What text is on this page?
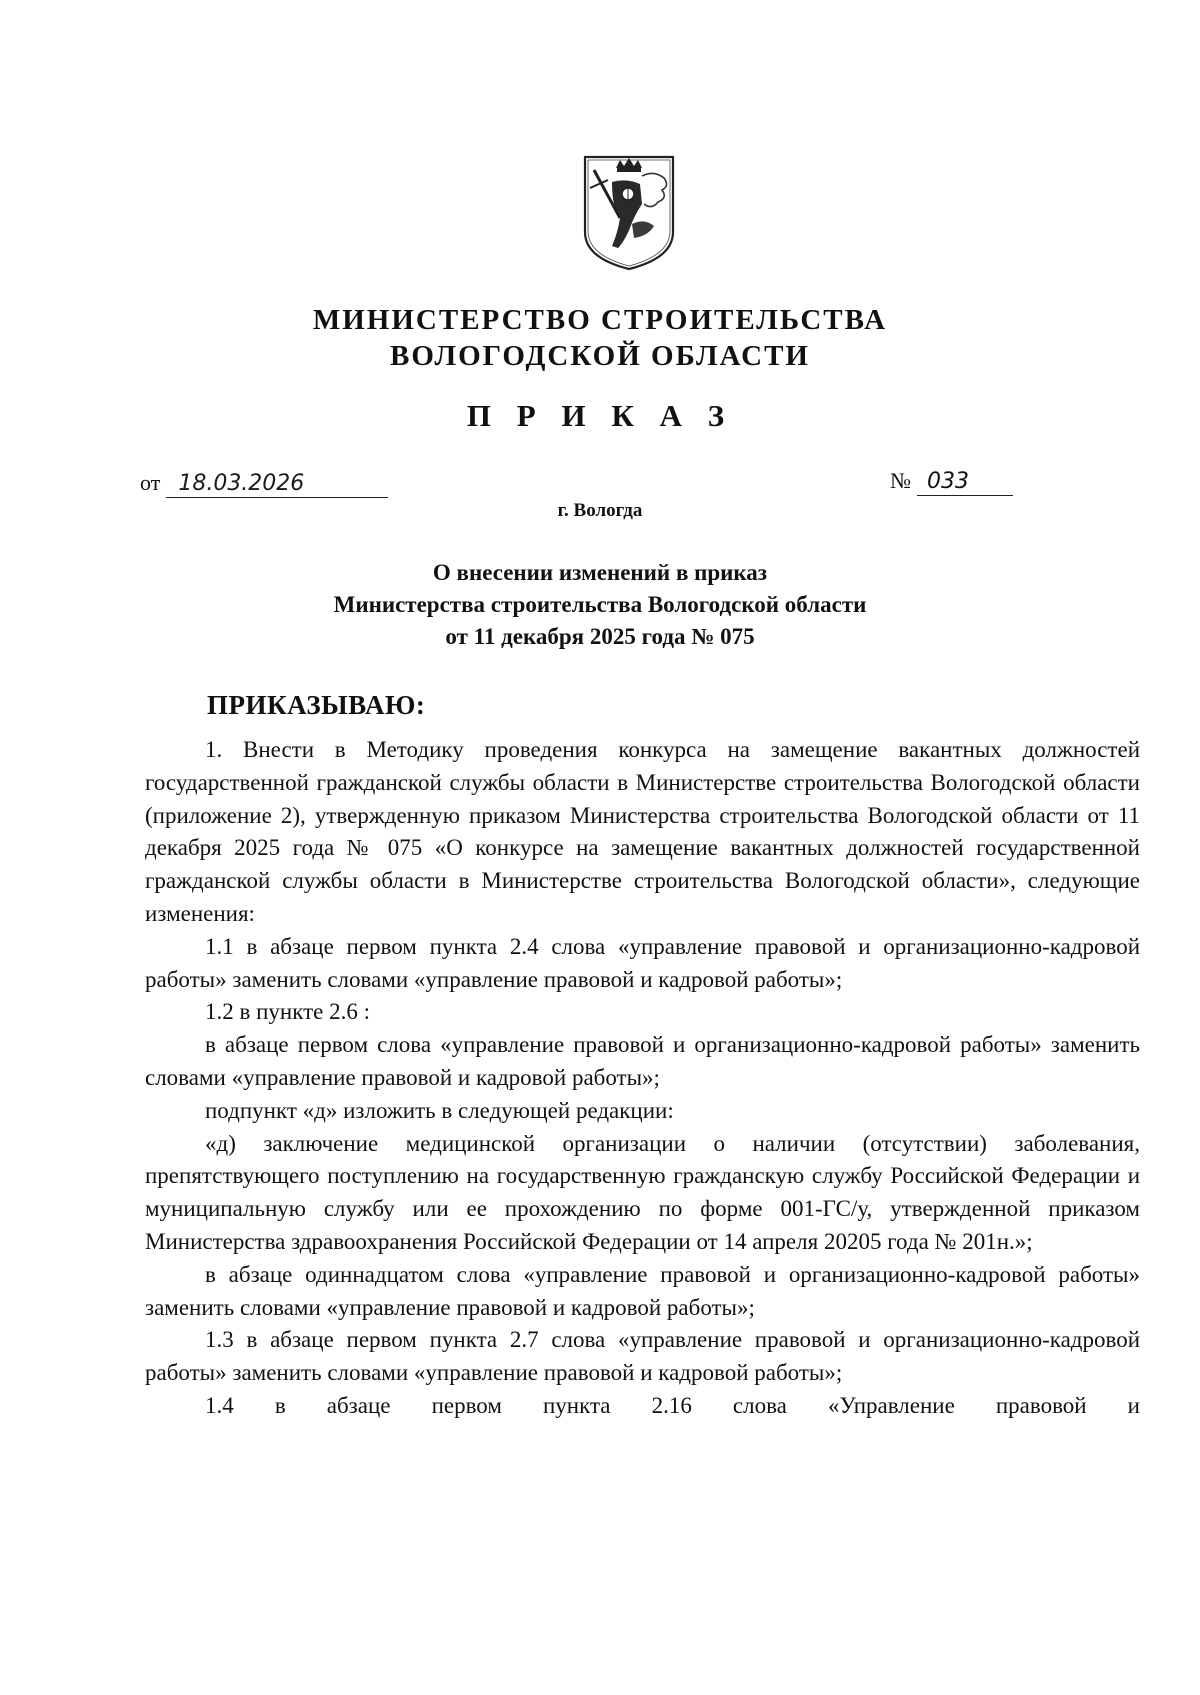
МИНИСТЕРСТВО СТРОИТЕЛЬСТВА
ВОЛОГОДСКОЙ ОБЛАСТИ
П Р И К А З
от 18.03.2026	№ 033
г. Вологда
О внесении изменений в приказ
Министерства строительства Вологодской области
от 11 декабря 2025 года № 075
ПРИКАЗЫВАЮ:

1. Внести в Методику проведения конкурса на замещение вакантных должностей государственной гражданской службы области в Министерстве строительства Вологодской области (приложение 2), утвержденную приказом Министерства строительства Вологодской области от 11 декабря 2025 года № 075 «О конкурсе на замещение вакантных должностей государственной гражданской службы области в Министерстве строительства Вологодской области», следующие изменения:

1.1 в абзаце первом пункта 2.4 слова «управление правовой и организационно-кадровой работы» заменить словами «управление правовой и кадровой работы»;

1.2 в пункте 2.6 :

в абзаце первом слова «управление правовой и организационно-кадровой работы» заменить словами «управление правовой и кадровой работы»;

подпункт «д» изложить в следующей редакции:

«д) заключение медицинской организации о наличии (отсутствии) заболевания, препятствующего поступлению на государственную гражданскую службу Российской Федерации и муниципальную службу или ее прохождению по форме 001-ГС/у, утвержденной приказом Министерства здравоохранения Российской Федерации от 14 апреля 20205 года № 201н.»;

в абзаце одиннадцатом слова «управление правовой и организационно-кадровой работы» заменить словами «управление правовой и кадровой работы»;

1.3 в абзаце первом пункта 2.7 слова «управление правовой и организационно-кадровой работы» заменить словами «управление правовой и кадровой работы»;

1.4 в абзаце первом пункта 2.16 слова «Управление правовой и
